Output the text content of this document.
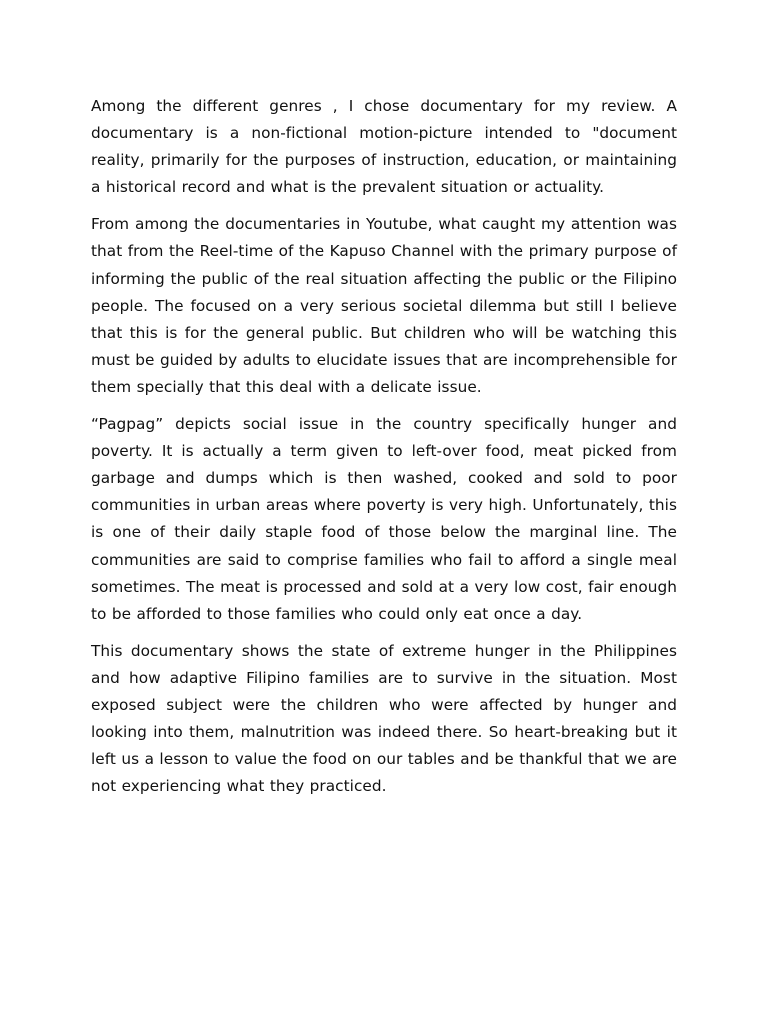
Among the different genres , I chose documentary for my review. A documentary is a non-fictional motion-picture intended to "document reality, primarily for the purposes of instruction, education, or maintaining a historical record and what is the prevalent situation or actuality.

From among the documentaries in Youtube, what caught my attention was that from the Reel-time of the Kapuso Channel with the primary purpose of informing the public of the real situation affecting the public or the Filipino people. The focused on a very serious societal dilemma but still I believe that this is for the general public. But children who will be watching this must be guided by adults to elucidate issues that are incomprehensible for them specially that this deal with a delicate issue.

“Pagpag” depicts social issue in the country specifically hunger and poverty. It is actually a term given to left-over food, meat picked from garbage and dumps which is then washed, cooked and sold to poor communities in urban areas where poverty is very high. Unfortunately, this is one of their daily staple food of those below the marginal line. The communities are said to comprise families who fail to afford a single meal sometimes. The meat is processed and sold at a very low cost, fair enough to be afforded to those families who could only eat once a day.

This documentary shows the state of extreme hunger in the Philippines and how adaptive Filipino families are to survive in the situation. Most exposed subject were the children who were affected by hunger and looking into them, malnutrition was indeed there. So heart-breaking but it left us a lesson to value the food on our tables and be thankful that we are not experiencing what they practiced.
